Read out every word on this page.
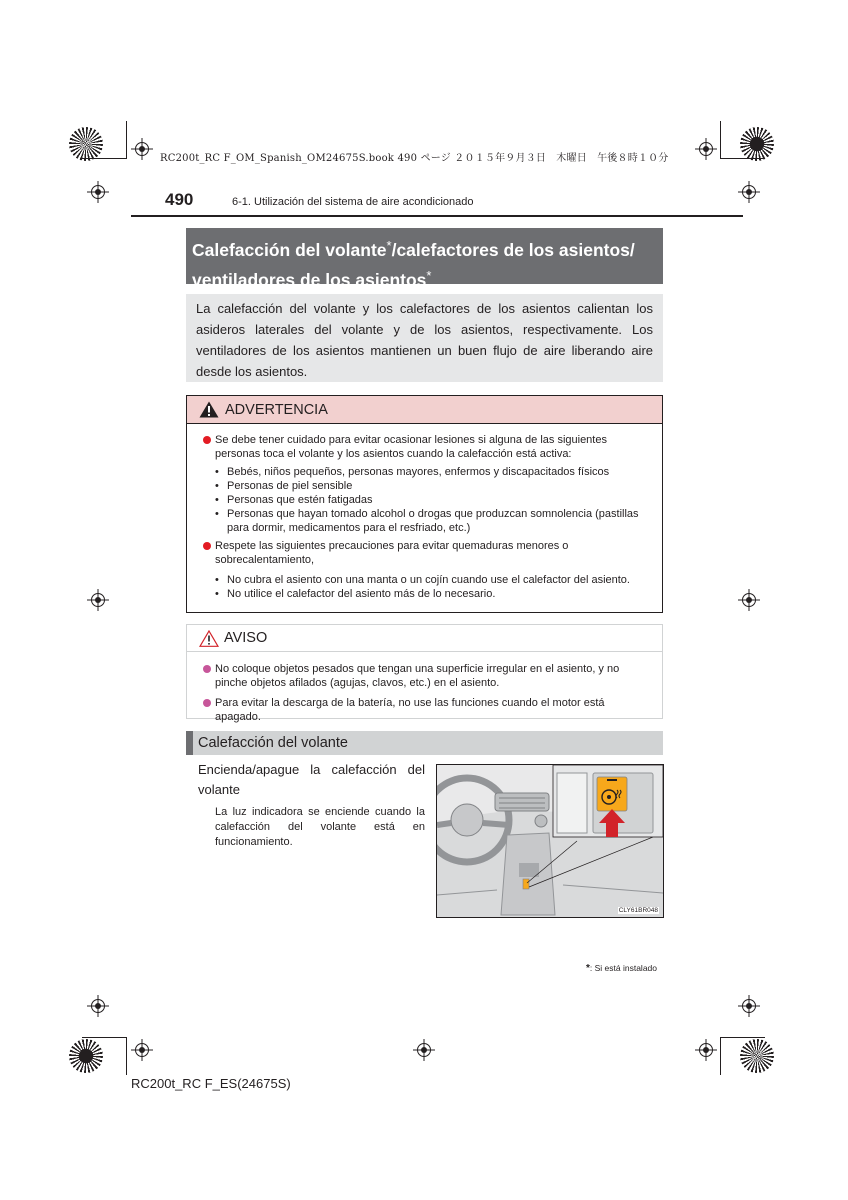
RC200t_RC F_OM_Spanish_OM24675S.book 490 ページ ２０１５年９月３日　木曜日　午後８時１０分
490	6-1. Utilización del sistema de aire acondicionado
Calefacción del volante*/calefactores de los asientos/
ventiladores de los asientos*
La calefacción del volante y los calefactores de los asientos calientan los asideros laterales del volante y de los asientos, respectivamente. Los ventiladores de los asientos mantienen un buen flujo de aire liberando aire desde los asientos.
ADVERTENCIA
Se debe tener cuidado para evitar ocasionar lesiones si alguna de las siguientes personas toca el volante y los asientos cuando la calefacción está activa:
• Bebés, niños pequeños, personas mayores, enfermos y discapacitados físicos
• Personas de piel sensible
• Personas que estén fatigadas
• Personas que hayan tomado alcohol o drogas que produzcan somnolencia (pastillas para dormir, medicamentos para el resfriado, etc.)
Respete las siguientes precauciones para evitar quemaduras menores o sobrecalentamiento,
• No cubra el asiento con una manta o un cojín cuando use el calefactor del asiento.
• No utilice el calefactor del asiento más de lo necesario.
AVISO
No coloque objetos pesados que tengan una superficie irregular en el asiento, y no pinche objetos afilados (agujas, clavos, etc.) en el asiento.
Para evitar la descarga de la batería, no use las funciones cuando el motor está apagado.
Calefacción del volante
Encienda/apague la calefacción del volante
La luz indicadora se enciende cuando la calefacción del volante está en funcionamiento.
CLY61BR048
*: Si está instalado
RC200t_RC F_ES(24675S)
